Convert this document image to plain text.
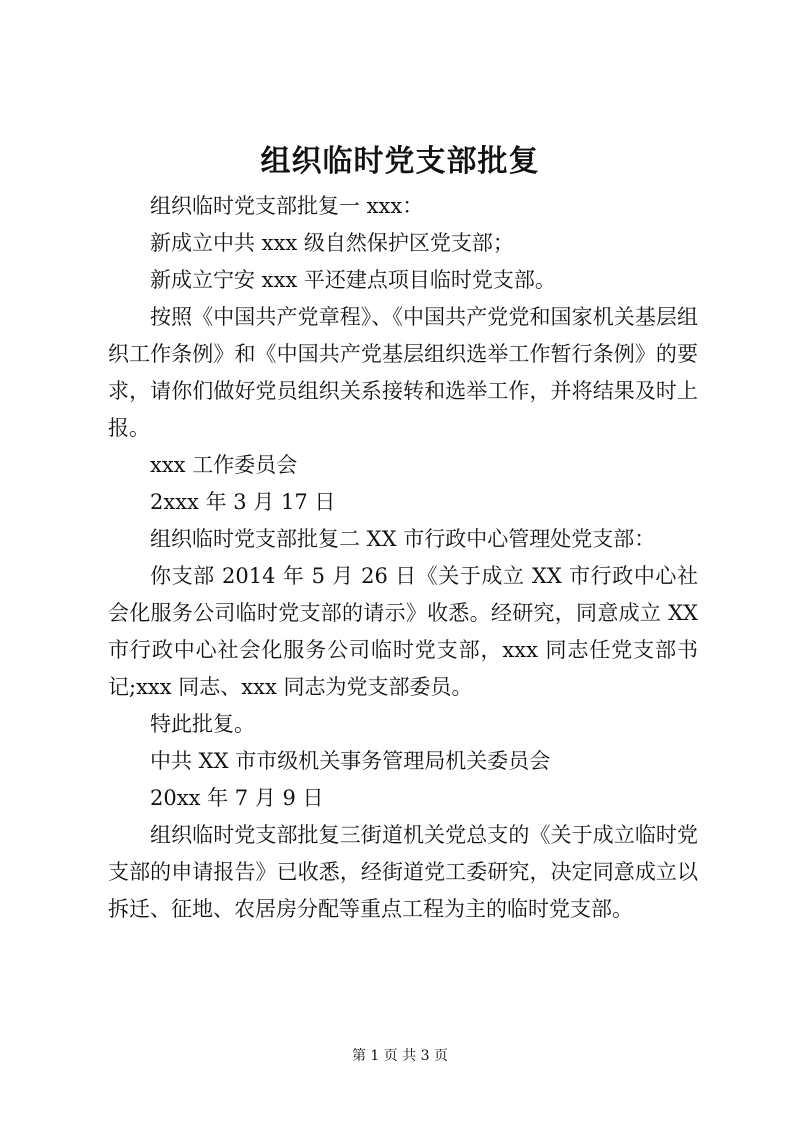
组织临时党支部批复

组织临时党支部批复一 xxx：

新成立中共 xxx 级自然保护区党支部；

新成立宁安 xxx 平还建点项目临时党支部。

按照《中国共产党章程》、《中国共产党党和国家机关基层组织工作条例》和《中国共产党基层组织选举工作暂行条例》的要求，请你们做好党员组织关系接转和选举工作，并将结果及时上报。

xxx 工作委员会

2xxx 年 3 月 17 日

组织临时党支部批复二 XX 市行政中心管理处党支部：

你支部 2014 年 5 月 26 日《关于成立 XX 市行政中心社会化服务公司临时党支部的请示》收悉。经研究，同意成立 XX 市行政中心社会化服务公司临时党支部，xxx 同志任党支部书记;xxx 同志、xxx 同志为党支部委员。

特此批复。

中共 XX 市市级机关事务管理局机关委员会

20xx 年 7 月 9 日

组织临时党支部批复三街道机关党总支的《关于成立临时党支部的申请报告》已收悉，经街道党工委研究，决定同意成立以拆迁、征地、农居房分配等重点工程为主的临时党支部。

第 1 页 共 3 页
